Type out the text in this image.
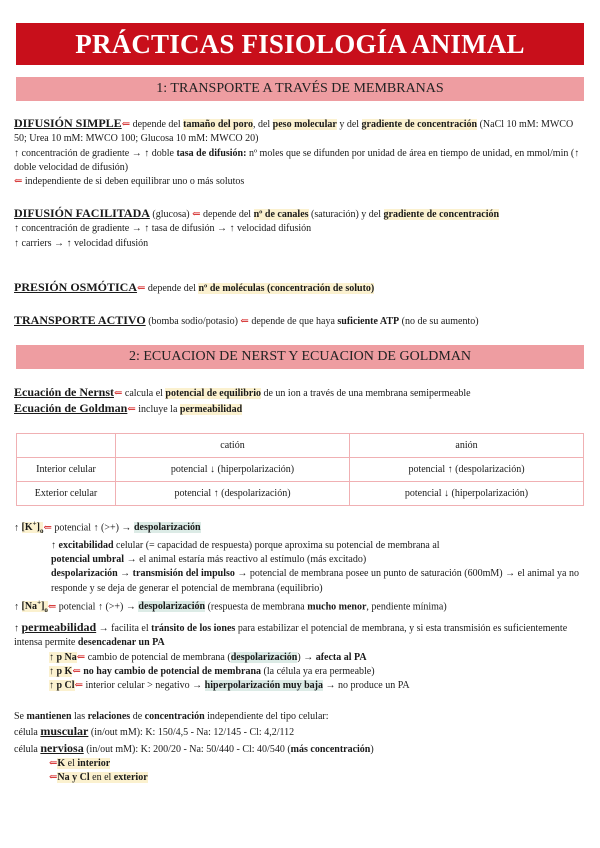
PRÁCTICAS FISIOLOGÍA ANIMAL
1: TRANSPORTE A TRAVÉS DE MEMBRANAS

DIFUSIÓN SIMPLE⇐ depende del tamaño del poro, del peso molecular y del gradiente de concentración (NaCl 10 mM: MWCO 50; Urea 10 mM: MWCO 100; Glucosa 10 mM: MWCO 20)

↑ concentración de gradiente → ↑ doble tasa de difusión: nº moles que se difunden por unidad de área en tiempo de unidad, en mmol/min (↑ doble velocidad de difusión)

⇐ independiente de si deben equilibrar uno o más solutos

DIFUSIÓN FACILITADA (glucosa) ⇐ depende del nº de canales (saturación) y del gradiente de concentración

↑ concentración de gradiente → ↑ tasa de difusión → ↑ velocidad difusión

↑ carriers → ↑ velocidad difusión

PRESIÓN OSMÓTICA⇐ depende del nº de moléculas (concentración de soluto)

TRANSPORTE ACTIVO (bomba sodio/potasio) ⇐ depende de que haya suficiente ATP (no de su aumento)

2: ECUACION DE NERST Y ECUACION DE GOLDMAN

Ecuación de Nernst⇐ calcula el potencial de equilibrio de un ion a través de una membrana semipermeable

Ecuación de Goldman⇐ incluye la permeabilidad

	catión	anión
Interior celular	potencial ↓ (hiperpolarización)	potencial ↑ (despolarización)
Exterior celular	potencial ↑ (despolarización)	potencial ↓ (hiperpolarización)

↑ $[K^+]_o⇐$ potencial ↑ (>+) → despolarización

↑ excitabilidad celular (= capacidad de respuesta) porque aproxima su potencial de membrana al

potencial umbral → el animal estaría más reactivo al estímulo (más excitado)

despolarización → transmisión del impulso → potencial de membrana posee un punto de saturación (600mM) → el animal ya no responde y se deja de generar el potencial de membrana (equilibrio)

↑ $[Na^+]_o⇐$ potencial ↑ (>+) → despolarización (respuesta de membrana mucho menor, pendiente mínima)

↑ permeabilidad → facilita el tránsito de los iones para estabilizar el potencial de membrana, y si esta transmisión es suficientemente intensa permite desencadenar un PA

↑ p Na⇐ cambio de potencial de membrana (despolarización) → afecta al PA

↑ p K⇐ no hay cambio de potencial de membrana (la célula ya era permeable)

↑ p Cl⇐ interior celular > negativo → hiperpolarización muy baja → no produce un PA

Se mantienen las relaciones de concentración independiente del tipo celular:

célula muscular (in/out mM): K: 150/4,5 - Na: 12/145 - Cl: 4,2/112

célula nerviosa (in/out mM): K: 200/20 - Na: 50/440 - Cl: 40/540 (más concentración)

⇐K el interior

⇐Na y Cl en el exterior
